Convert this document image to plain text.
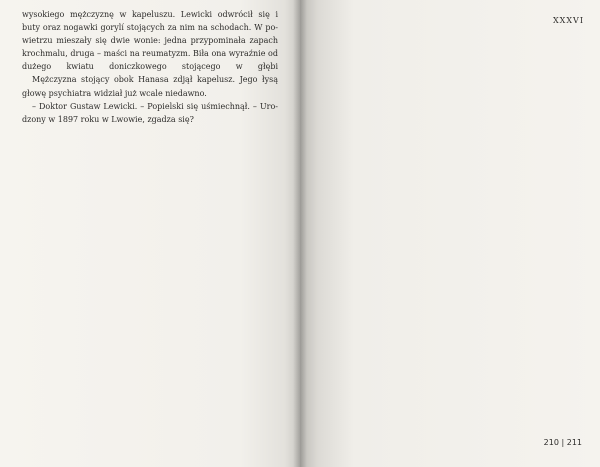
wysokiego mężczyznę w kapeluszu. Lewicki odwrócił się i
buty oraz nogawki gorylí stojących za nim na schodach. W po-
wietrzu mieszały się dwie wonie: jedna przypominała zapach
krochmalu, druga – maści na reumatyzm. Biła ona wyraźnie od
dużego kwiatu doniczkowego stojącego w głębi
Mężczyzna stojący obok Hanasa zdjął kapelusz. Jego łysą
głowę psychiatra widział już wcale niedawno.
– Doktor Gustaw Lewicki. – Popielski się uśmiechnął. – Uro-
dzony w 1897 roku w Lwowie, zgadza się?
XXXVI
210 | 211
